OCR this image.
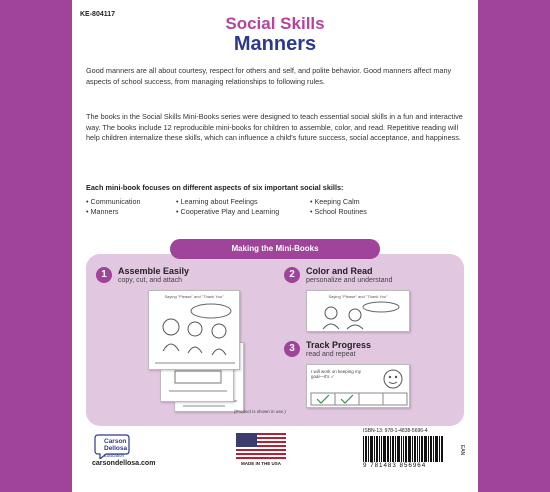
KE-804117	Social Skills
Manners

Good manners are all about courtesy, respect for others and self, and polite behavior. Good manners affect many aspects of school success, from managing relationships to following rules.

The books in the Social Skills Mini-Books series were designed to teach essential social skills in a fun and interactive way. The books include 12 reproducible mini-books for children to assemble, color, and read. Repetitive reading will help children internalize these skills, which can influence a child's future success, social acceptance, and happiness.

Each mini-book focuses on different aspects of six important social skills:
• Communication	• Learning about Feelings	• Keeping Calm
• Manners	• Cooperative Play and Learning	• School Routines
Making the Mini-Books
1	Assemble Easily
copy, cut, and attach
Saying "Please" and "Thank You"
(Product is shown in use.)
2	Color and Read
personalize and understand
Saying "Please" and "Thank You"
3	Track Progress
read and repeat
I will work on keeping my goal—it's ✓
Carson
Dellosa
Education
carsondellosa.com	MADE IN THE USA
ISBN-13: 978-1-4838-5696-4
9 781483 856964
EAN
